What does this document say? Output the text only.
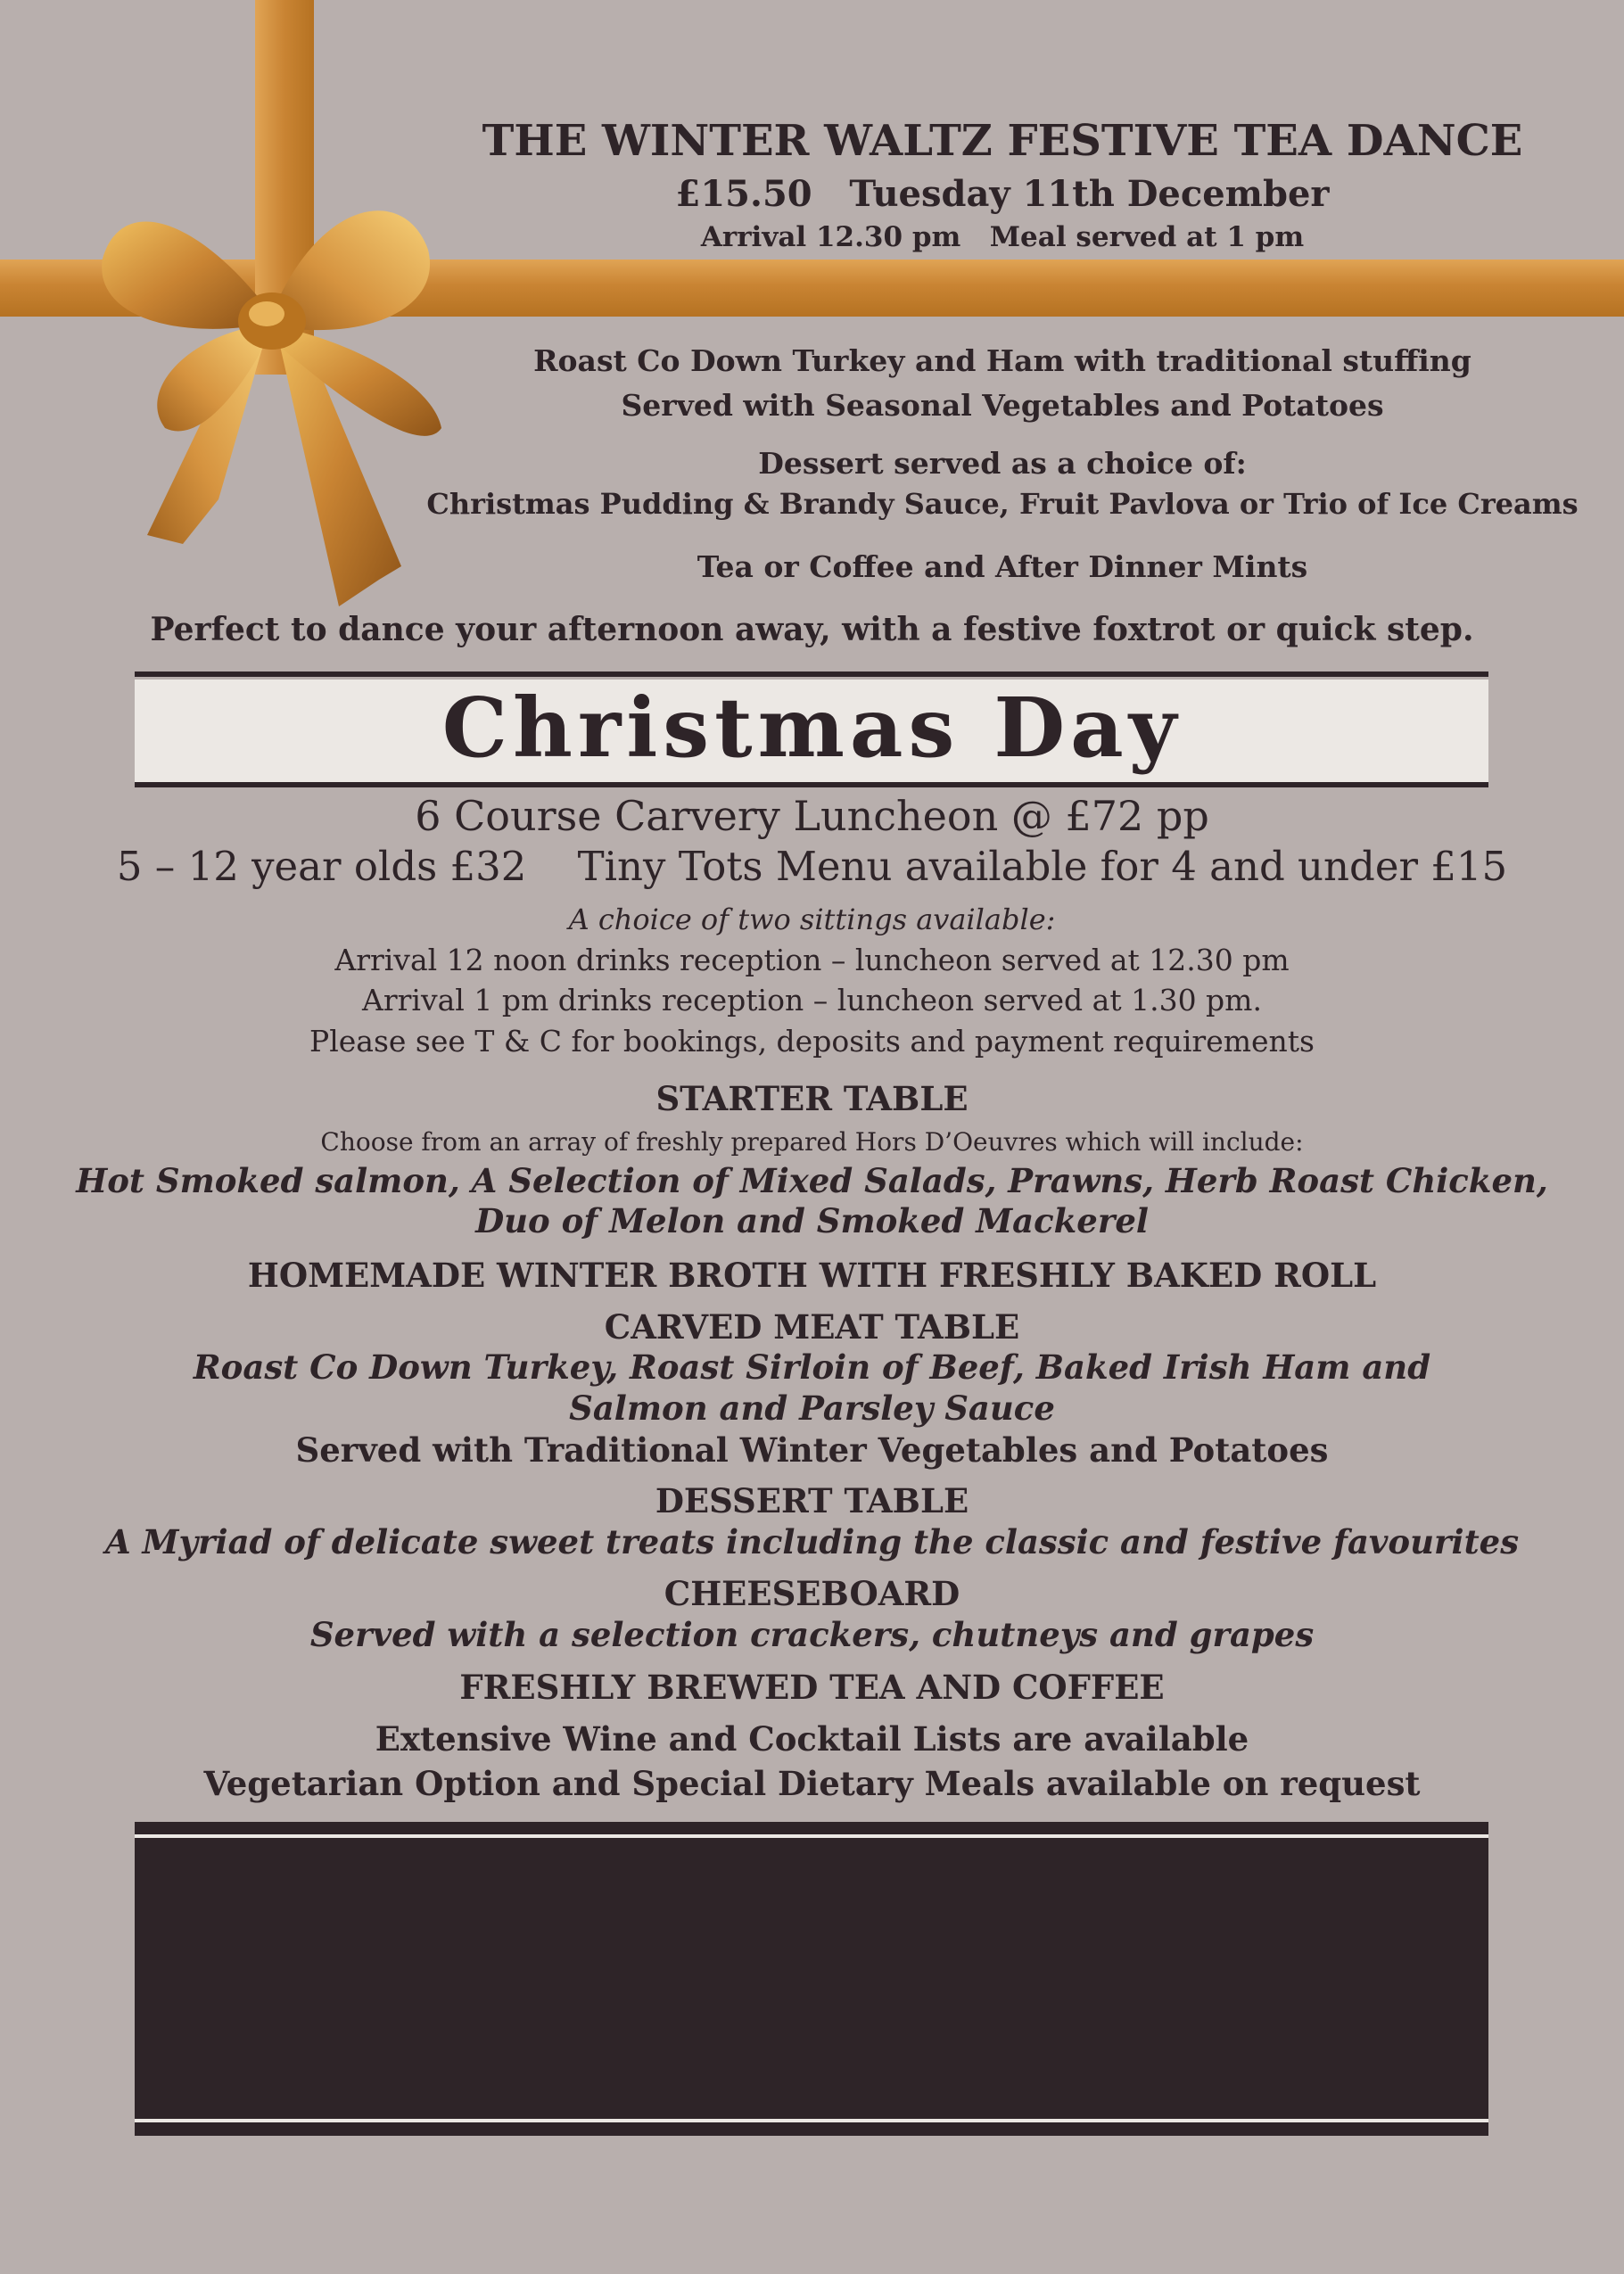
THE WINTER WALTZ FESTIVE TEA DANCE
£15.50   Tuesday 11th December
Arrival 12.30 pm   Meal served at 1 pm
Roast Co Down Turkey and Ham with traditional stuffing
Served with Seasonal Vegetables and Potatoes
Dessert served as a choice of:
Christmas Pudding & Brandy Sauce, Fruit Pavlova or Trio of Ice Creams
Tea or Coffee and After Dinner Mints
Perfect to dance your afternoon away, with a festive foxtrot or quick step.
Christmas Day
6 Course Carvery Luncheon @ £72 pp
5 – 12 year olds £32    Tiny Tots Menu available for 4 and under £15
A choice of two sittings available:
Arrival 12 noon drinks reception – luncheon served at 12.30 pm
Arrival 1 pm drinks reception – luncheon served at 1.30 pm.
Please see T & C for bookings, deposits and payment requirements
STARTER TABLE
Choose from an array of freshly prepared Hors D’Oeuvres which will include:
Hot Smoked salmon, A Selection of Mixed Salads, Prawns, Herb Roast Chicken,
Duo of Melon and Smoked Mackerel
HOMEMADE WINTER BROTH WITH FRESHLY BAKED ROLL
CARVED MEAT TABLE
Roast Co Down Turkey, Roast Sirloin of Beef, Baked Irish Ham and
Salmon and Parsley Sauce
Served with Traditional Winter Vegetables and Potatoes
DESSERT TABLE
A Myriad of delicate sweet treats including the classic and festive favourites
CHEESEBOARD
Served with a selection crackers, chutneys and grapes
FRESHLY BREWED TEA AND COFFEE
Extensive Wine and Cocktail Lists are available
Vegetarian Option and Special Dietary Meals available on request
